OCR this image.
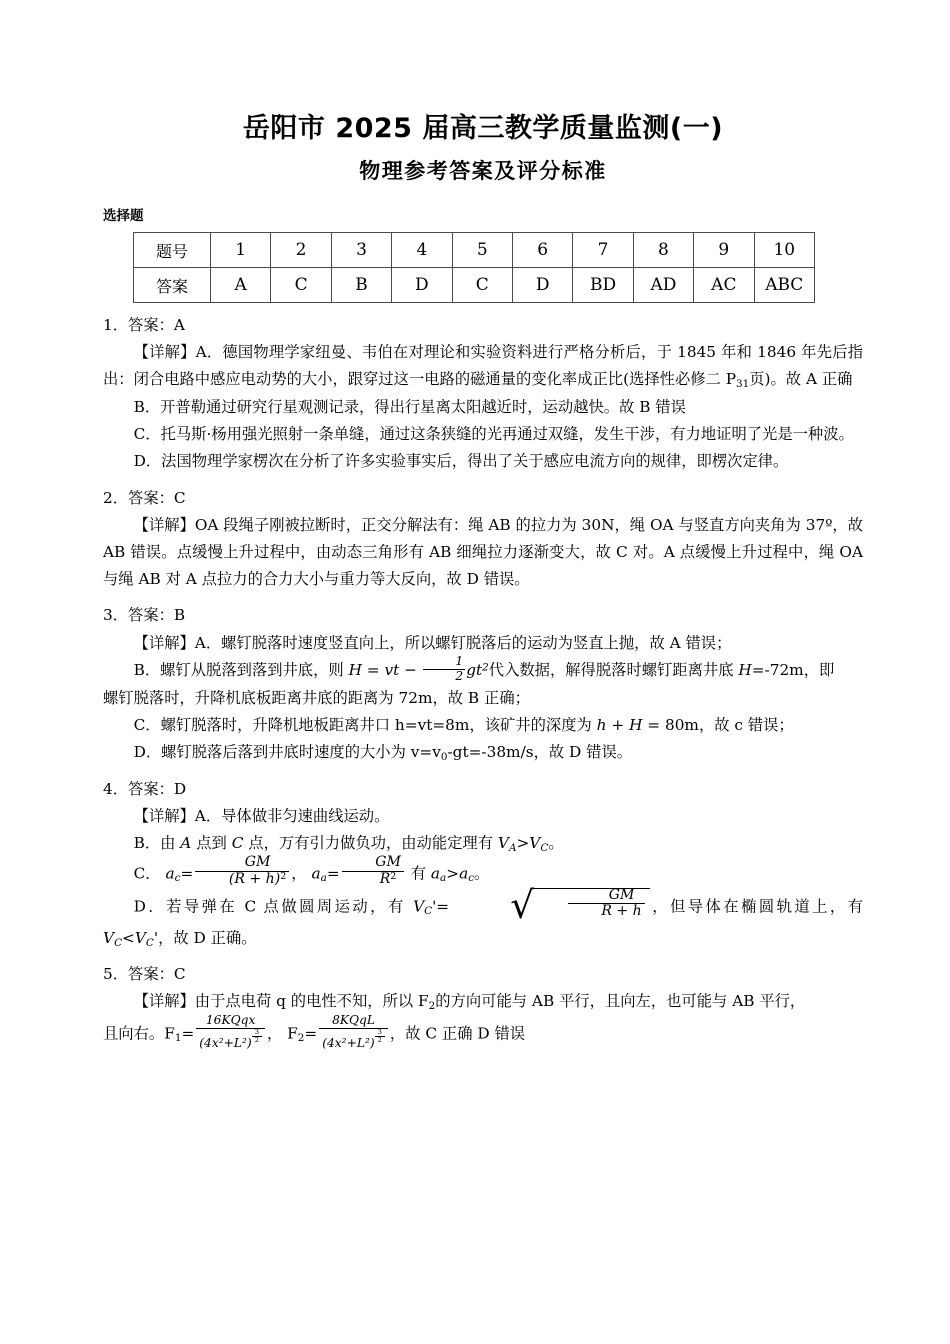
岳阳市 2025 届高三教学质量监测(一)
物理参考答案及评分标准
选择题
题号	1	2	3	4	5	6	7	8	9	10
答案	A	C	B	D	C	D	BD	AD	AC	ABC

1．答案：A

【详解】A．德国物理学家纽曼、韦伯在对理论和实验资料进行严格分析后，于 1845 年和 1846 年先后指出：闭合电路中感应电动势的大小，跟穿过这一电路的磁通量的变化率成正比(选择性必修二 $P_{31}$页)。故 A 正确

B．开普勒通过研究行星观测记录，得出行星离太阳越近时，运动越快。故 B 错误

C．托马斯·杨用强光照射一条单缝，通过这条狭缝的光再通过双缝，发生干涉，有力地证明了光是一种波。

D．法国物理学家楞次在分析了许多实验事实后，得出了关于感应电流方向的规律，即楞次定律。

2．答案：C

【详解】OA 段绳子刚被拉断时，正交分解法有：绳 AB 的拉力为 30N，绳 OA 与竖直方向夹角为 37º，故 AB 错误。点缓慢上升过程中，由动态三角形有 AB 细绳拉力逐渐变大，故 C 对。A 点缓慢上升过程中，绳 OA 与绳 AB 对 A 点拉力的合力大小与重力等大反向，故 D 错误。

3．答案：B

【详解】A．螺钉脱落时速度竖直向上，所以螺钉脱落后的运动为竖直上抛，故 A 错误；

B．螺钉从脱落到落到井底，则 H = vt − $\frac{1}{2} gt^2$代入数据，解得脱落时螺钉距离井底 H=-72m，即

螺钉脱落时，升降机底板距离井底的距离为 72m，故 B 正确；

C．螺钉脱落时，升降机地板距离井口 h=vt=8m，该矿井的深度为 h + H = 80m，故 c 错误；

D．螺钉脱落后落到井底时速度的大小为 $v=v_0-gt=-38m/s$，故 D 错误。

4．答案：D

【详解】A．导体做非匀速曲线运动。

B．由 A 点到 C 点，万有引力做负功，由动能定理有 $V_A>V_C$。

C． $a_c= \frac{GM}{(R + h)^2}$ ， $a_a= \frac{GM}{R^2}$ 有 $a_a>a_c$。

D．若导弹在 C 点做圆周运动，有 $V_C'=$ √ $\frac{GM}{R + h}$ ，但导体在椭圆轨道上，有 $V_C<V_C'$，故 D 正确。

5．答案：C

【详解】由于点电荷 q 的电性不知，所以 $F_2$的方向可能与 AB 平行，且向左，也可能与 AB 平行，

且向右。$F_1= \frac{\text{16KQqx}}{(4x^2+L^2) \frac{3}{2}}$ ， $F_2= \frac{\text{8KQqL}}{(4x^2+L^2) \frac{3}{2}}$ ，故 C 正确 D 错误
